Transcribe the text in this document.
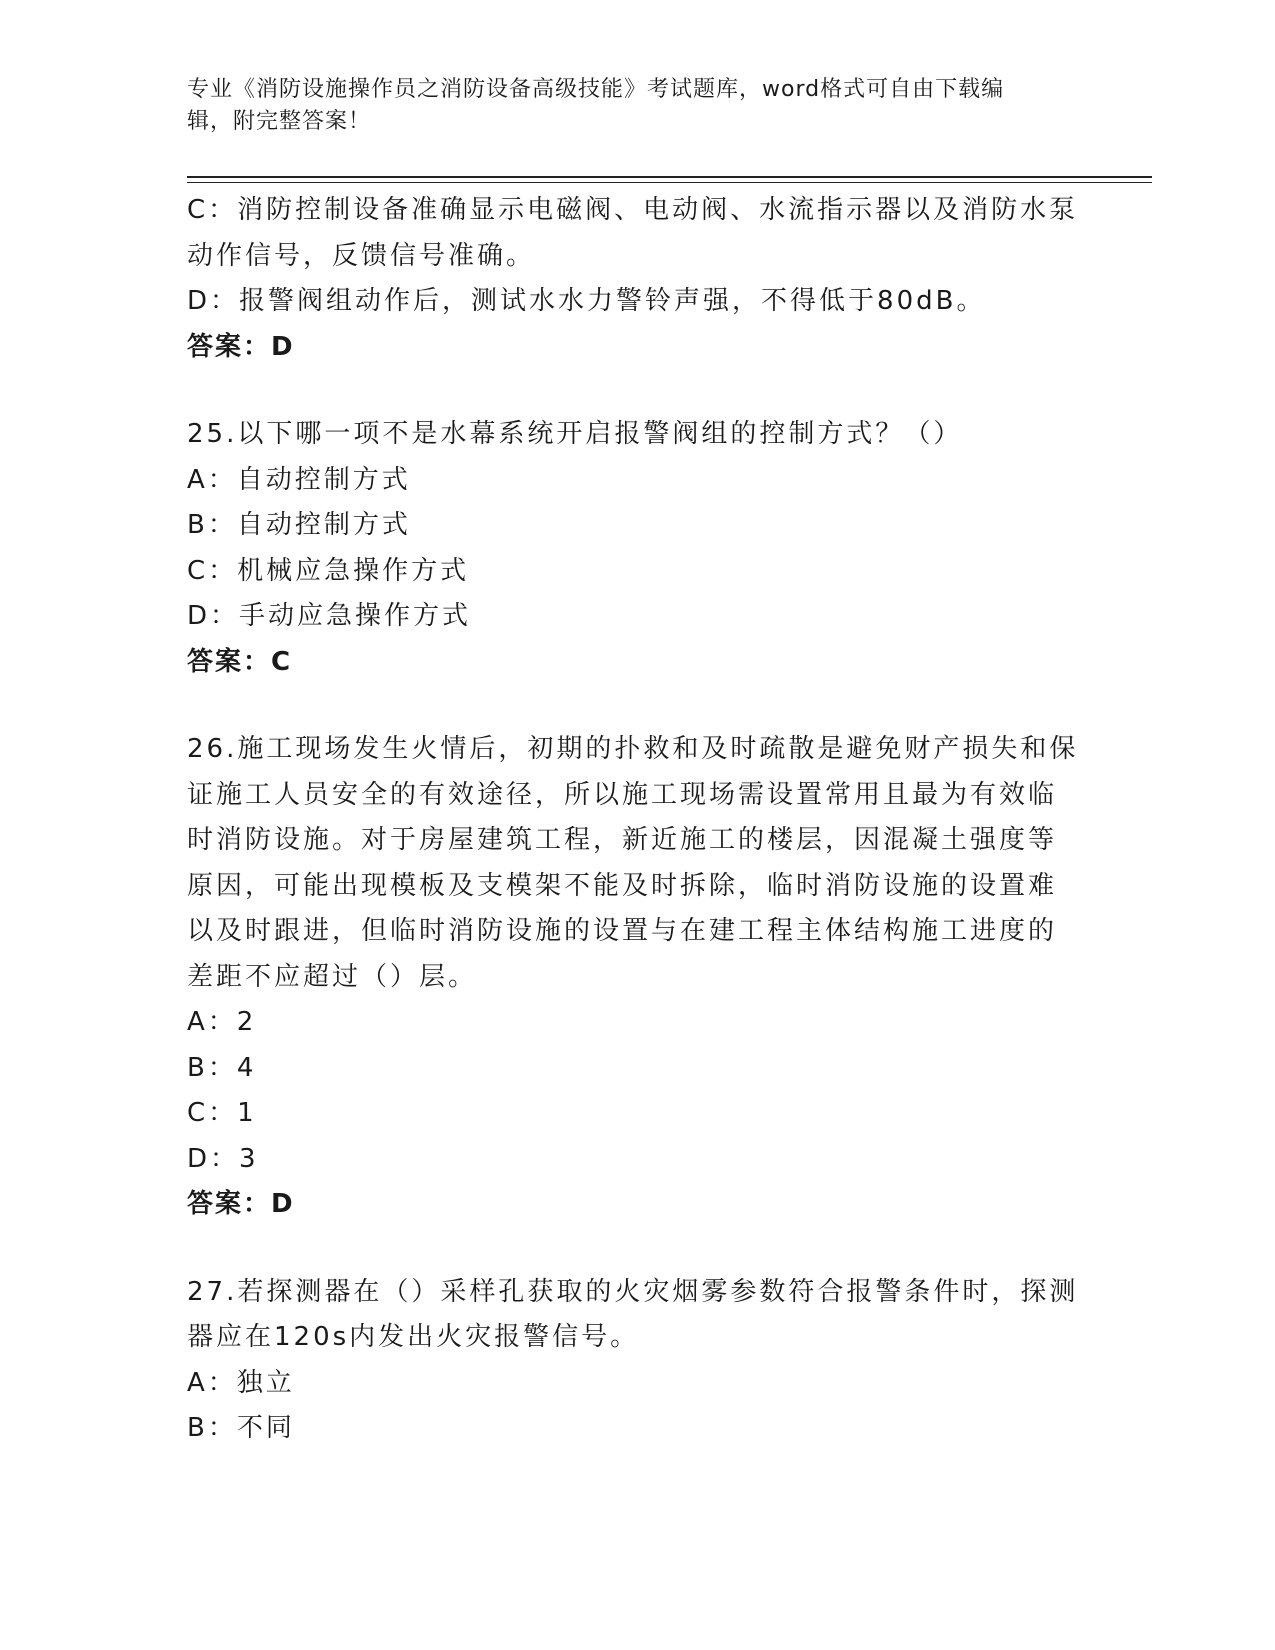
专业《消防设施操作员之消防设备高级技能》考试题库，word格式可自由下载编
辑，附完整答案！

C：消防控制设备准确显示电磁阀、电动阀、水流指示器以及消防水泵

动作信号，反馈信号准确。

D：报警阀组动作后，测试水水力警铃声强，不得低于80dB。

答案：D

25.以下哪一项不是水幕系统开启报警阀组的控制方式？（）

A：自动控制方式

B：自动控制方式

C：机械应急操作方式

D：手动应急操作方式

答案：C

26.施工现场发生火情后，初期的扑救和及时疏散是避免财产损失和保

证施工人员安全的有效途径，所以施工现场需设置常用且最为有效临

时消防设施。对于房屋建筑工程，新近施工的楼层，因混凝土强度等

原因，可能出现模板及支模架不能及时拆除，临时消防设施的设置难

以及时跟进，但临时消防设施的设置与在建工程主体结构施工进度的

差距不应超过（）层。

A：2

B：4

C：1

D：3

答案：D

27.若探测器在（）采样孔获取的火灾烟雾参数符合报警条件时，探测

器应在120s内发出火灾报警信号。

A：独立

B：不同
